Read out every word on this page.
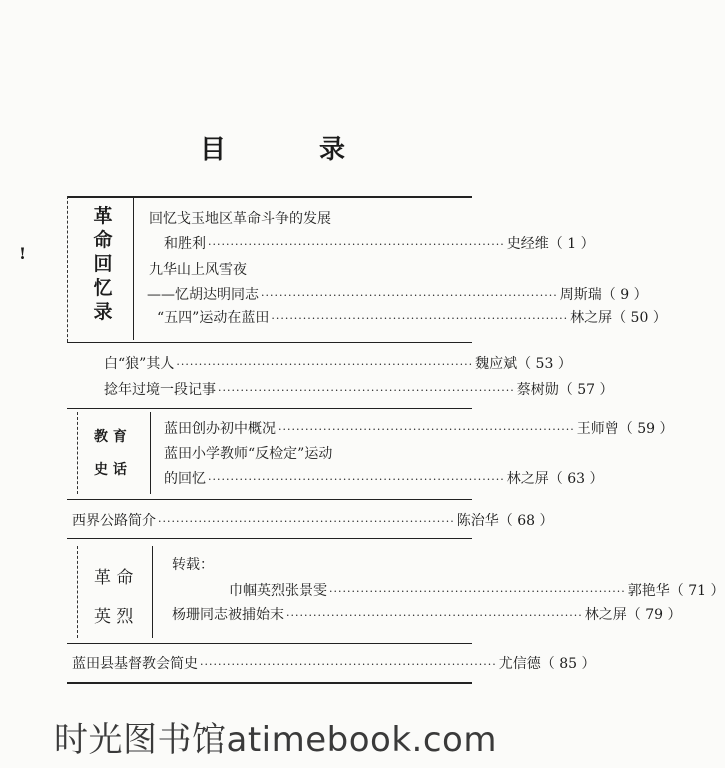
目 录
!
革
命
回
忆
录
回忆戈玉地区革命斗争的发展
和胜利 ·································································· 史经维（ 1 ）
九华山上风雪夜
——忆胡达明同志 ·································································· 周斯瑞（ 9 ）
“五四”运动在蓝田 ·································································· 林之屏（ 50 ）
白“狼”其人 ·································································· 魏应斌（ 53 ）
捻年过境一段记事 ·································································· 蔡树勋（ 57 ）
教 育
史 话
蓝田创办初中概况 ·································································· 王师曾（ 59 ）
蓝田小学教师“反检定”运动
的回忆 ·································································· 林之屏（ 63 ）
西界公路简介 ·································································· 陈治华（ 68 ）
革 命
英 烈
转载：
巾帼英烈张景雯 ·································································· 郭艳华（ 71 ）
杨珊同志被捕始末 ·································································· 林之屏（ 79 ）
蓝田县基督教会简史 ·································································· 尤信德（ 85 ）
时光图书馆atimebook.com
